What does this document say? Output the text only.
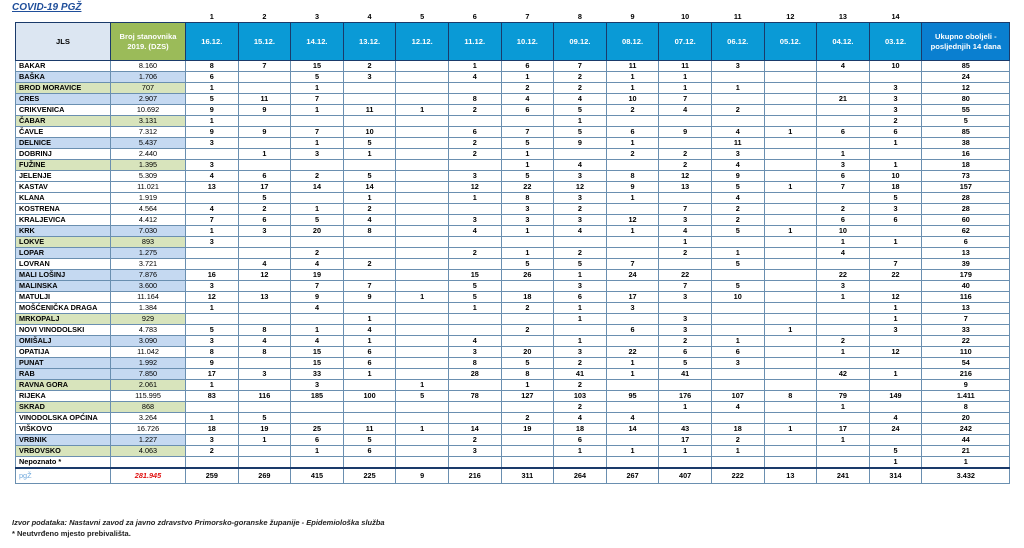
COVID-19 PGŽ
		1	2	3	4	5	6	7	8	9	10	11	12	13	14	
JLS	Broj stanovnika 2019. (DZS)	16.12.	15.12.	14.12.	13.12.	12.12.	11.12.	10.12.	09.12.	08.12.	07.12.	06.12.	05.12.	04.12.	03.12.	Ukupno oboljeli - posljednjih 14 dana
BAKAR	8.160	8	7	15	2		1	6	7	11	11	3		4	10	85
BAŠKA	1.706	6		5	3		4	1	2	1	1					24
BROD MORAVICE	707	1		1				2	2	1	1	1			3	12
CRES	2.907	5	11	7			8	4	4	10	7			21	3	80
CRIKVENICA	10.692	9	9	1	11	1	2	6	5	2	4	2			3	55
ČABAR	3.131	1							1						2	5
ČAVLE	7.312	9	9	7	10		6	7	5	6	9	4	1	6	6	85
DELNICE	5.437	3		1	5		2	5	9	1		11			1	38
DOBRINJ	2.440		1	3	1		2	1		2	2	3		1		16
FUŽINE	1.395	3						1	4		2	4		3	1	18
JELENJE	5.309	4	6	2	5		3	5	3	8	12	9		6	10	73
KASTAV	11.021	13	17	14	14		12	22	12	9	13	5	1	7	18	157
KLANA	1.919		5		1		1	8	3	1		4			5	28
KOSTRENA	4.564	4	2	1	2			3	2		7	2		2	3	28
KRALJEVICA	4.412	7	6	5	4		3	3	3	12	3	2		6	6	60
KRK	7.030	1	3	20	8		4	1	4	1	4	5	1	10		62
LOKVE	893	3									1			1	1	6
LOPAR	1.275			2			2	1	2		2	1		4		13
LOVRAN	3.721		4	4	2			5	5	7		5			7	39
MALI LOŠINJ	7.876	16	12	19			15	26	1	24	22			22	22	179
MALINSKA	3.600	3		7	7		5		3		7	5		3		40
MATULJI	11.164	12	13	9	9	1	5	18	6	17	3	10		1	12	116
MOŠĆENIČKA DRAGA	1.384	1		4			1	2	1	3					1	13
MRKOPALJ	929				1				1		3				1	7
NOVI VINODOLSKI	4.783	5	8	1	4			2		6	3		1		3	33
OMIŠALJ	3.090	3	4	4	1		4		1		2	1		2		22
OPATIJA	11.042	8	8	15	6		3	20	3	22	6	6		1	12	110
PUNAT	1.992	9		15	6		8	5	2	1	5	3				54
RAB	7.850	17	3	33	1		28	8	41	1	41			42	1	216
RAVNA GORA	2.061	1		3		1		1	2							9
RIJEKA	115.995	83	116	185	100	5	78	127	103	95	176	107	8	79	149	1.411
SKRAD	868								2		1	4		1		8
VINODOLSKA OPĆINA	3.264	1	5					2	4	4					4	20
VIŠKOVO	16.726	18	19	25	11	1	14	19	18	14	43	18	1	17	24	242
VRBNIK	1.227	3	1	6	5		2		6		17	2		1		44
VRBOVSKO	4.063	2		1	6		3		1	1	1	1			5	21
Nepoznato *															1	1
pgŽ	281.945	259	269	415	225	9	216	311	264	267	407	222	13	241	314	3.432
Izvor podataka: Nastavni zavod za javno zdravstvo Primorsko-goranske županije - Epidemiološka služba
* Neutvrđeno mjesto prebivališta.
